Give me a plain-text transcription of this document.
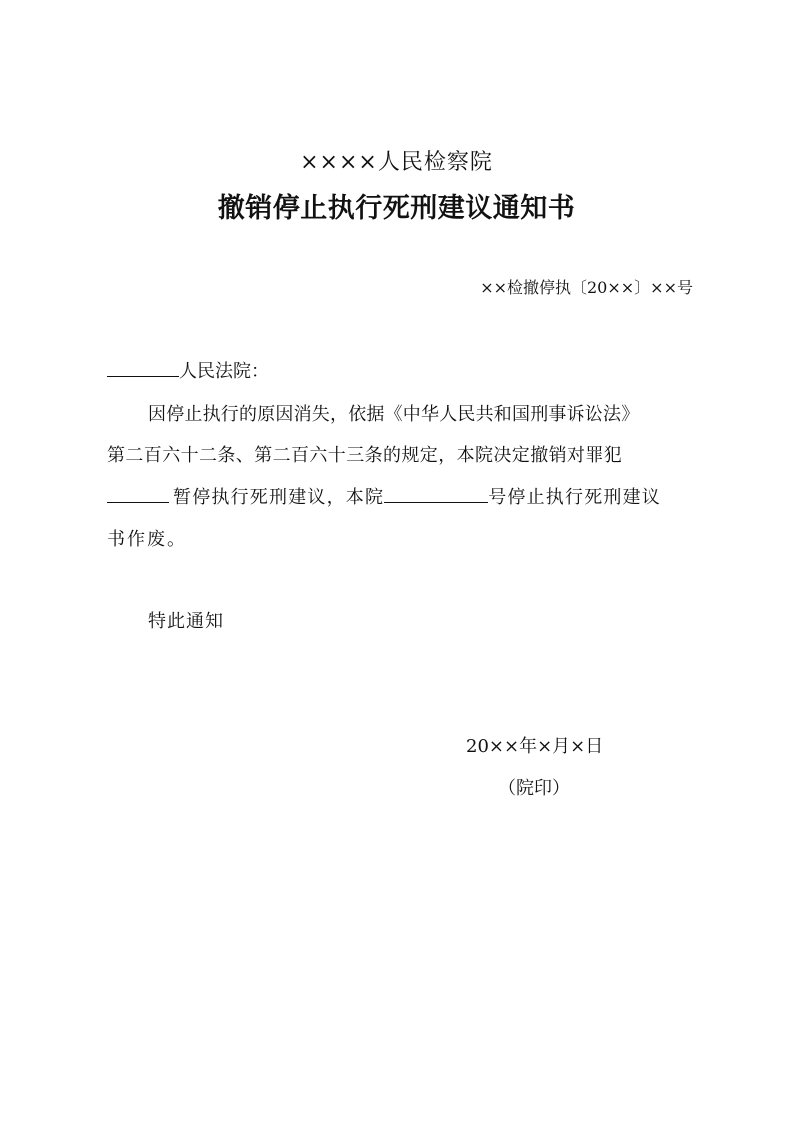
××××人民检察院
撤销停止执行死刑建议通知书
××检撤停执〔20××〕××号
人民法院：
因停止执行的原因消失，依据《中华人民共和国刑事诉讼法》
第二百六十二条、第二百六十三条的规定，本院决定撤销对罪犯
暂停执行死刑建议，本院	号停止执行死刑建议
书作废。
特此通知
20××年×月×日
（院印）
